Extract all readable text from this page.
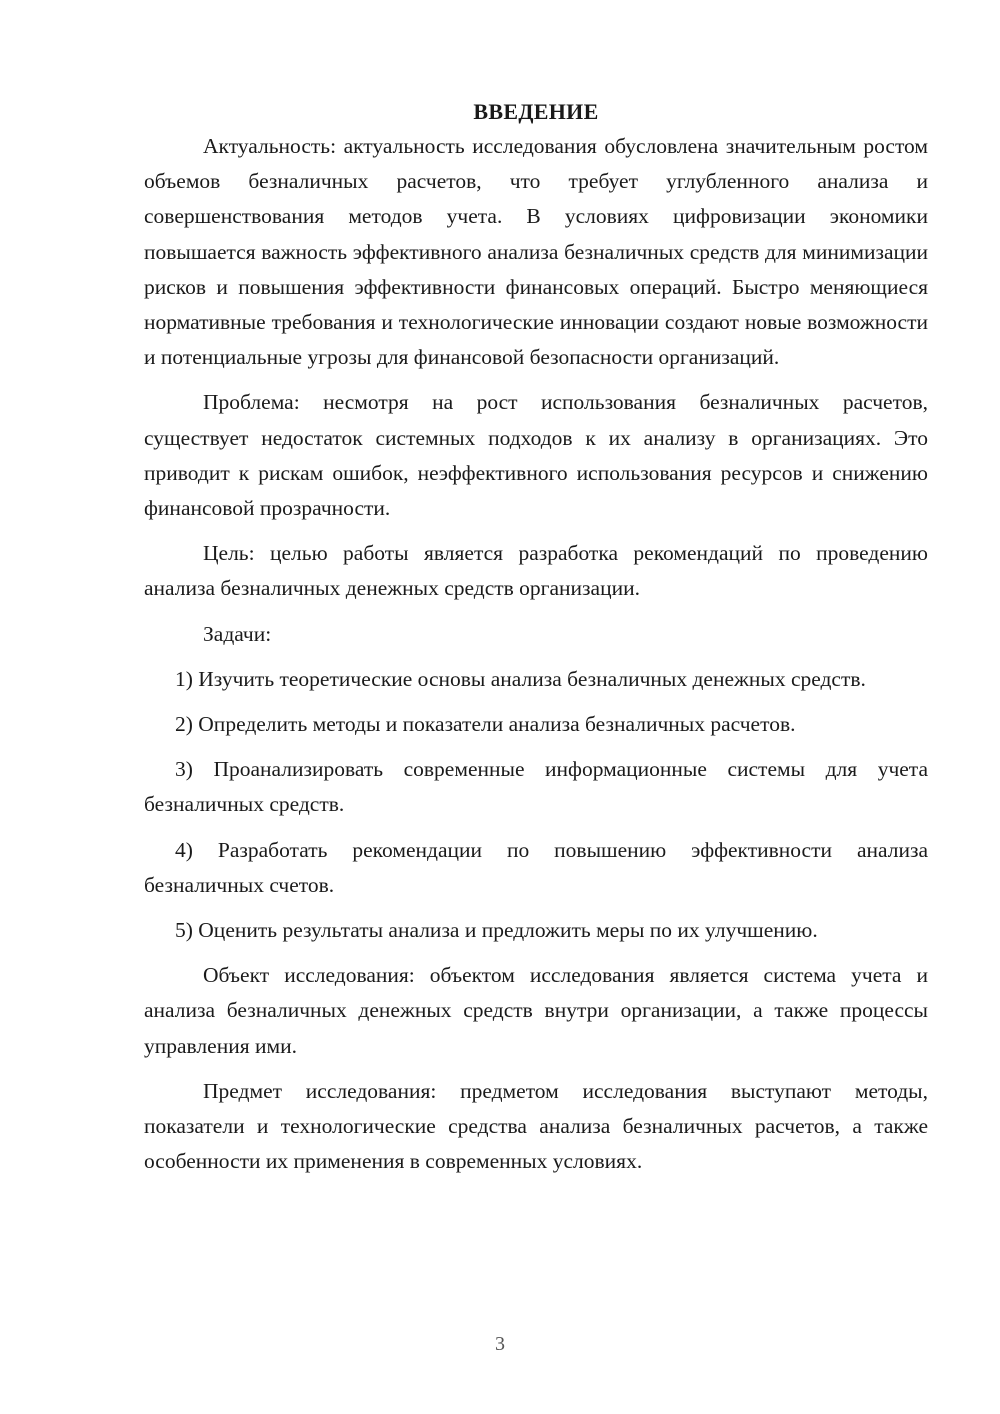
ВВЕДЕНИЕ

Актуальность: актуальность исследования обусловлена значительным ростом объемов безналичных расчетов, что требует углубленного анализа и совершенствования методов учета. В условиях цифровизации экономики повышается важность эффективного анализа безналичных средств для минимизации рисков и повышения эффективности финансовых операций. Быстро меняющиеся нормативные требования и технологические инновации создают новые возможности и потенциальные угрозы для финансовой безопасности организаций.

Проблема: несмотря на рост использования безналичных расчетов, существует недостаток системных подходов к их анализу в организациях. Это приводит к рискам ошибок, неэффективного использования ресурсов и снижению финансовой прозрачности.

Цель: целью работы является разработка рекомендаций по проведению анализа безналичных денежных средств организации.

Задачи:

1) Изучить теоретические основы анализа безналичных денежных средств.

2) Определить методы и показатели анализа безналичных расчетов.

3) Проанализировать современные информационные системы для учета безналичных средств.

4) Разработать рекомендации по повышению эффективности анализа безналичных счетов.

5) Оценить результаты анализа и предложить меры по их улучшению.

Объект исследования: объектом исследования является система учета и анализа безналичных денежных средств внутри организации, а также процессы управления ими.

Предмет исследования: предметом исследования выступают методы, показатели и технологические средства анализа безналичных расчетов, а также особенности их применения в современных условиях.

3
